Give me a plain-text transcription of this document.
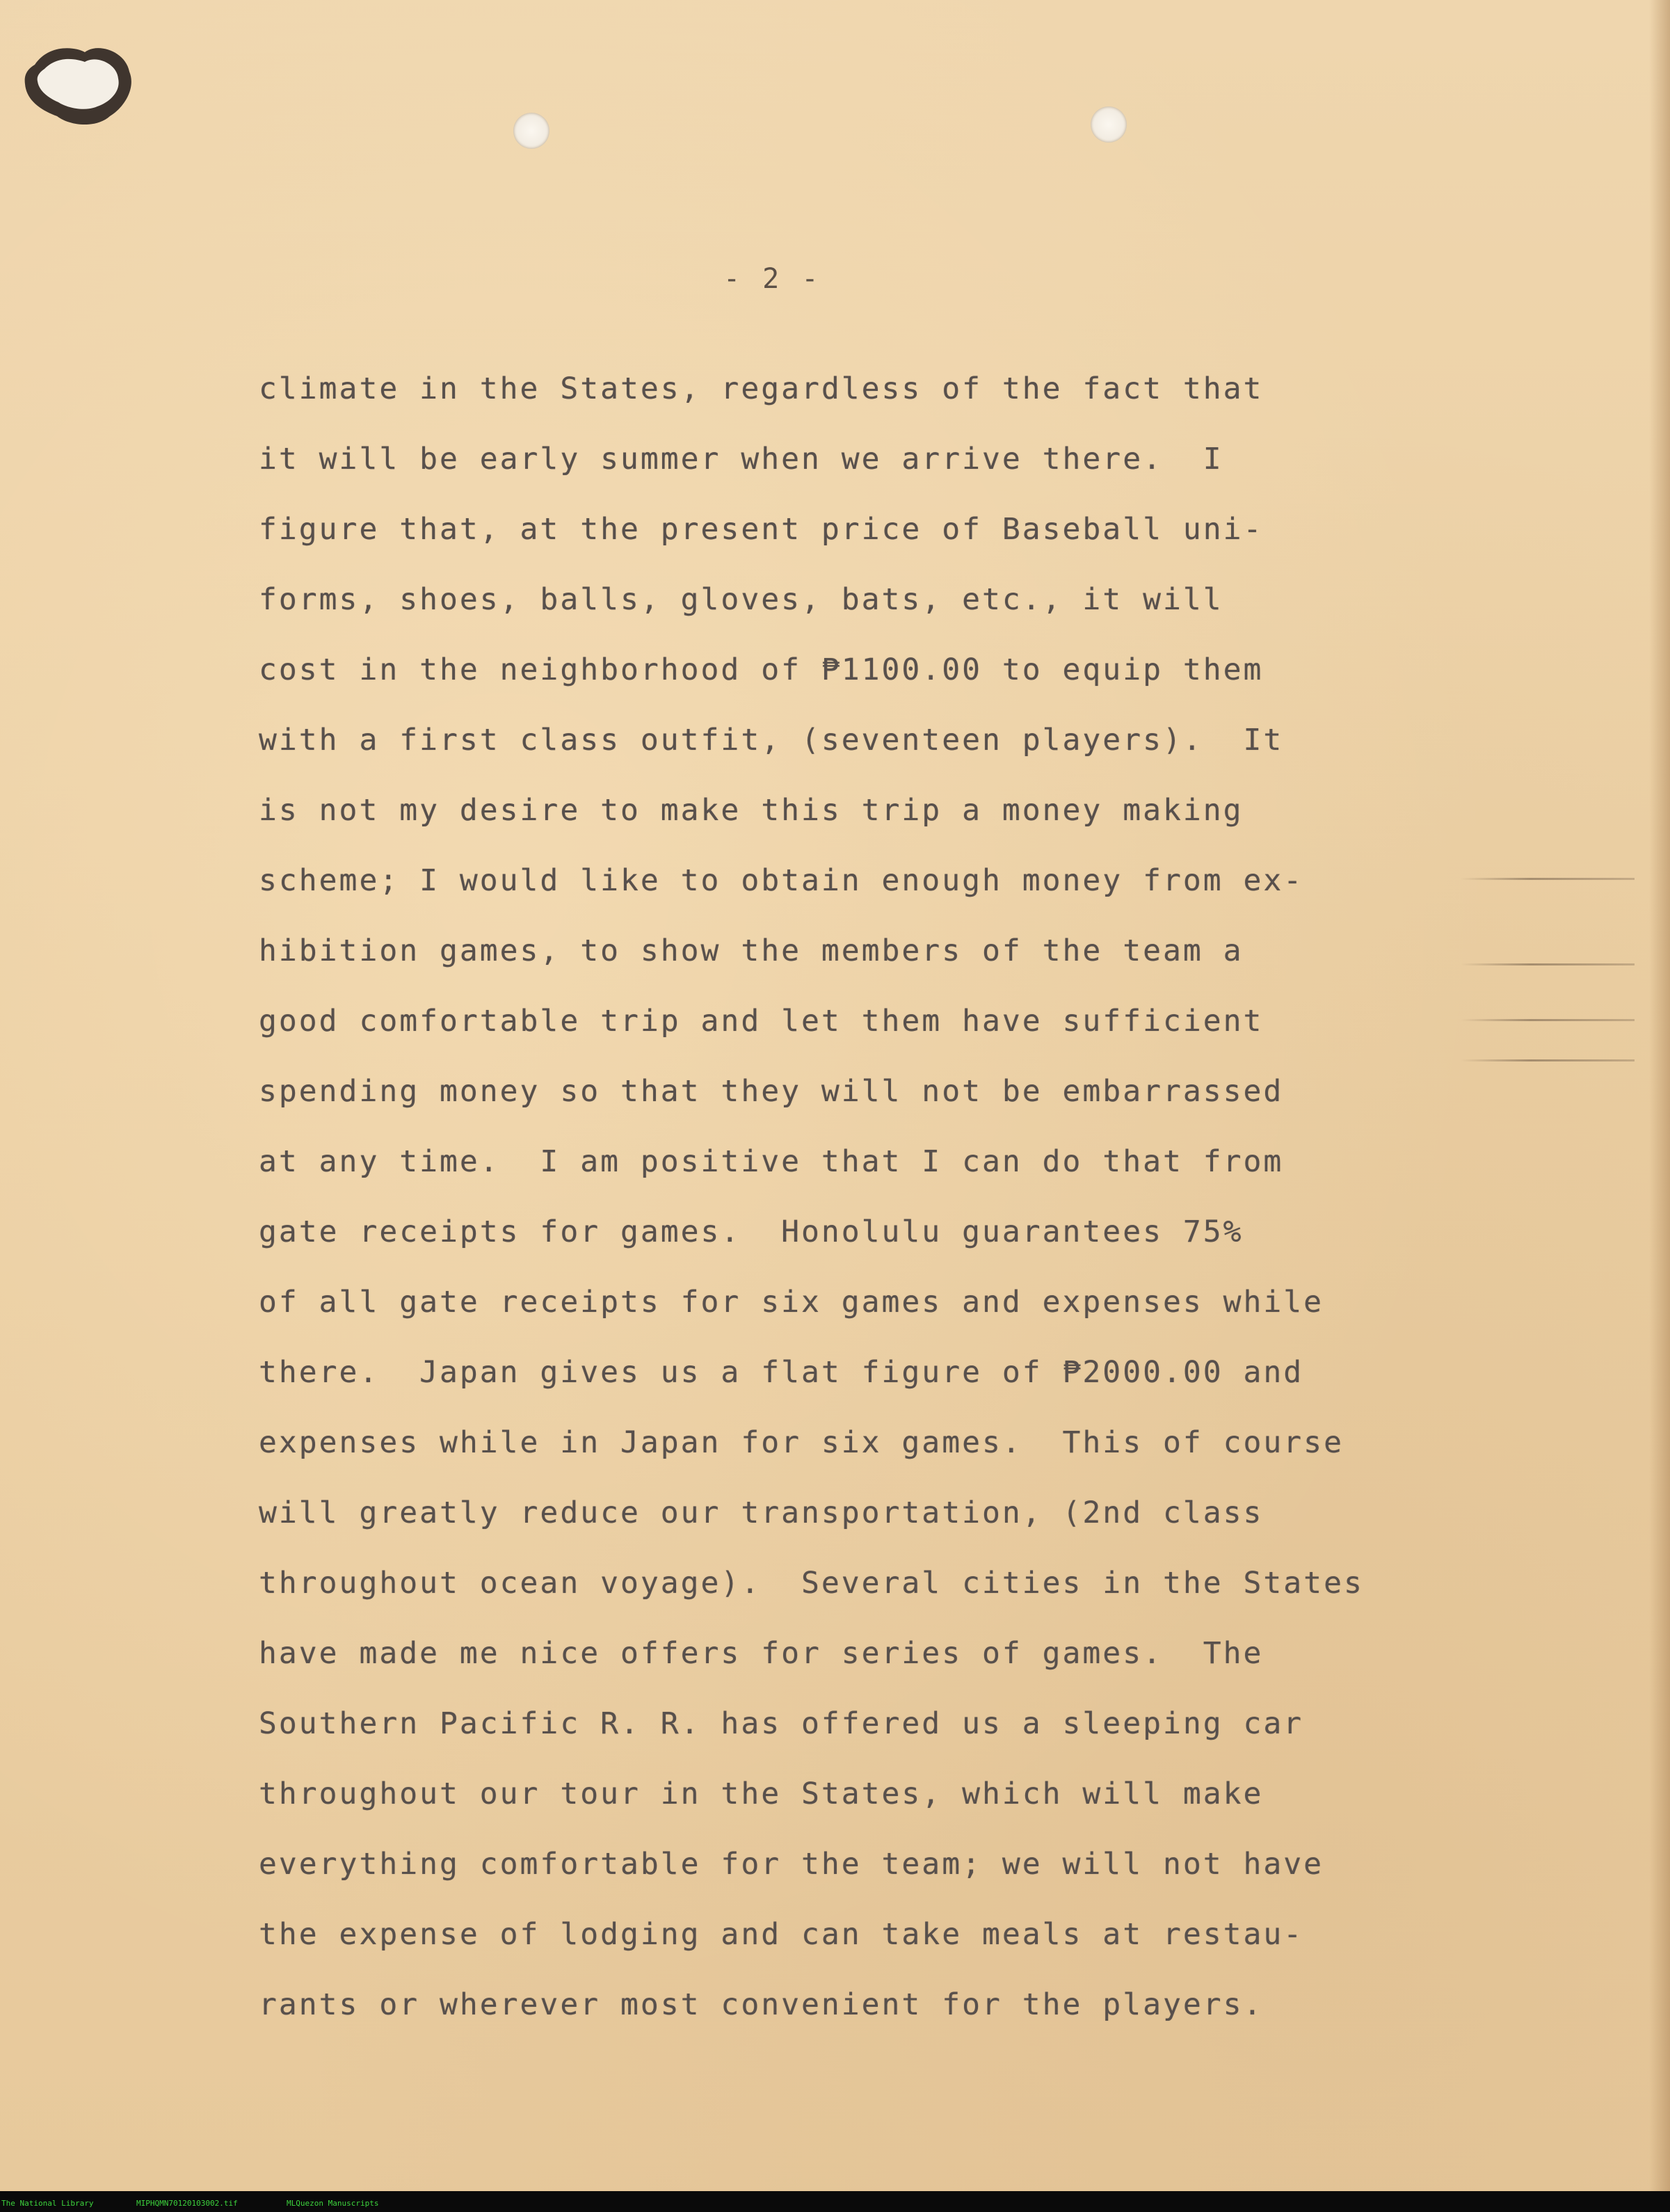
- 2 -
climate in the States, regardless of the fact that
it will be early summer when we arrive there.  I
figure that, at the present price of Baseball uni-
forms, shoes, balls, gloves, bats, etc., it will
cost in the neighborhood of ₱1100.00 to equip them
with a first class outfit, (seventeen players).  It
is not my desire to make this trip a money making
scheme; I would like to obtain enough money from ex-
hibition games, to show the members of the team a
good comfortable trip and let them have sufficient
spending money so that they will not be embarrassed
at any time.  I am positive that I can do that from
gate receipts for games.  Honolulu guarantees 75%
of all gate receipts for six games and expenses while
there.  Japan gives us a flat figure of ₱2000.00 and
expenses while in Japan for six games.  This of course
will greatly reduce our transportation, (2nd class
throughout ocean voyage).  Several cities in the States
have made me nice offers for series of games.  The
Southern Pacific R. R. has offered us a sleeping car
throughout our tour in the States, which will make
everything comfortable for the team; we will not have
the expense of lodging and can take meals at restau-
rants or wherever most convenient for the players.
The National Library	MIPHQMN70120103002.tif	MLQuezon Manuscripts
